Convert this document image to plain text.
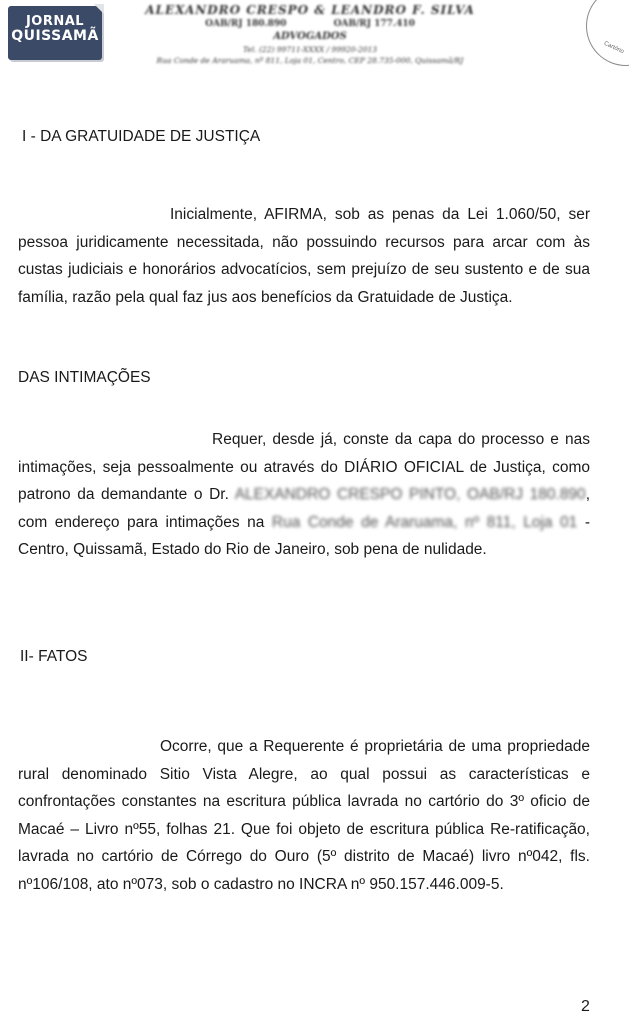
JORNAL
QUISSAMÃ

ALEXANDRO CRESPO & LEANDRO F. SILVA

OAB/RJ 180.890	OAB/RJ 177.410

ADVOGADOS

Tel. (22) 99711-XXXX / 99920-2013

Rua Conde de Araruama, nº 811, Loja 01, Centro, CEP 28.735-000, Quissamã/RJ

Cartório
I - DA GRATUIDADE DE JUSTIÇA

Inicialmente, AFIRMA, sob as penas da Lei 1.060/50, ser pessoa juridicamente necessitada, não possuindo recursos para arcar com às custas judiciais e honorários advocatícios, sem prejuízo de seu sustento e de sua família, razão pela qual faz jus aos benefícios da Gratuidade de Justiça.

DAS INTIMAÇÕES

Requer, desde já, conste da capa do processo e nas intimações, seja pessoalmente ou através do DIÁRIO OFICIAL de Justiça, como patrono da demandante o Dr. ALEXANDRO CRESPO PINTO, OAB/RJ 180.890, com endereço para intimações na Rua Conde de Araruama, nº 811, Loja 01 - Centro, Quissamã, Estado do Rio de Janeiro, sob pena de nulidade.

II- FATOS

Ocorre, que a Requerente é proprietária de uma propriedade rural denominado Sitio Vista Alegre, ao qual possui as características e confrontações constantes na escritura pública lavrada no cartório do 3º oficio de Macaé – Livro nº55, folhas 21. Que foi objeto de escritura pública Re-ratificação, lavrada no cartório de Córrego do Ouro (5º distrito de Macaé) livro nº042, fls. nº106/108, ato nº073, sob o cadastro no INCRA nº 950.157.446.009-5.

2
